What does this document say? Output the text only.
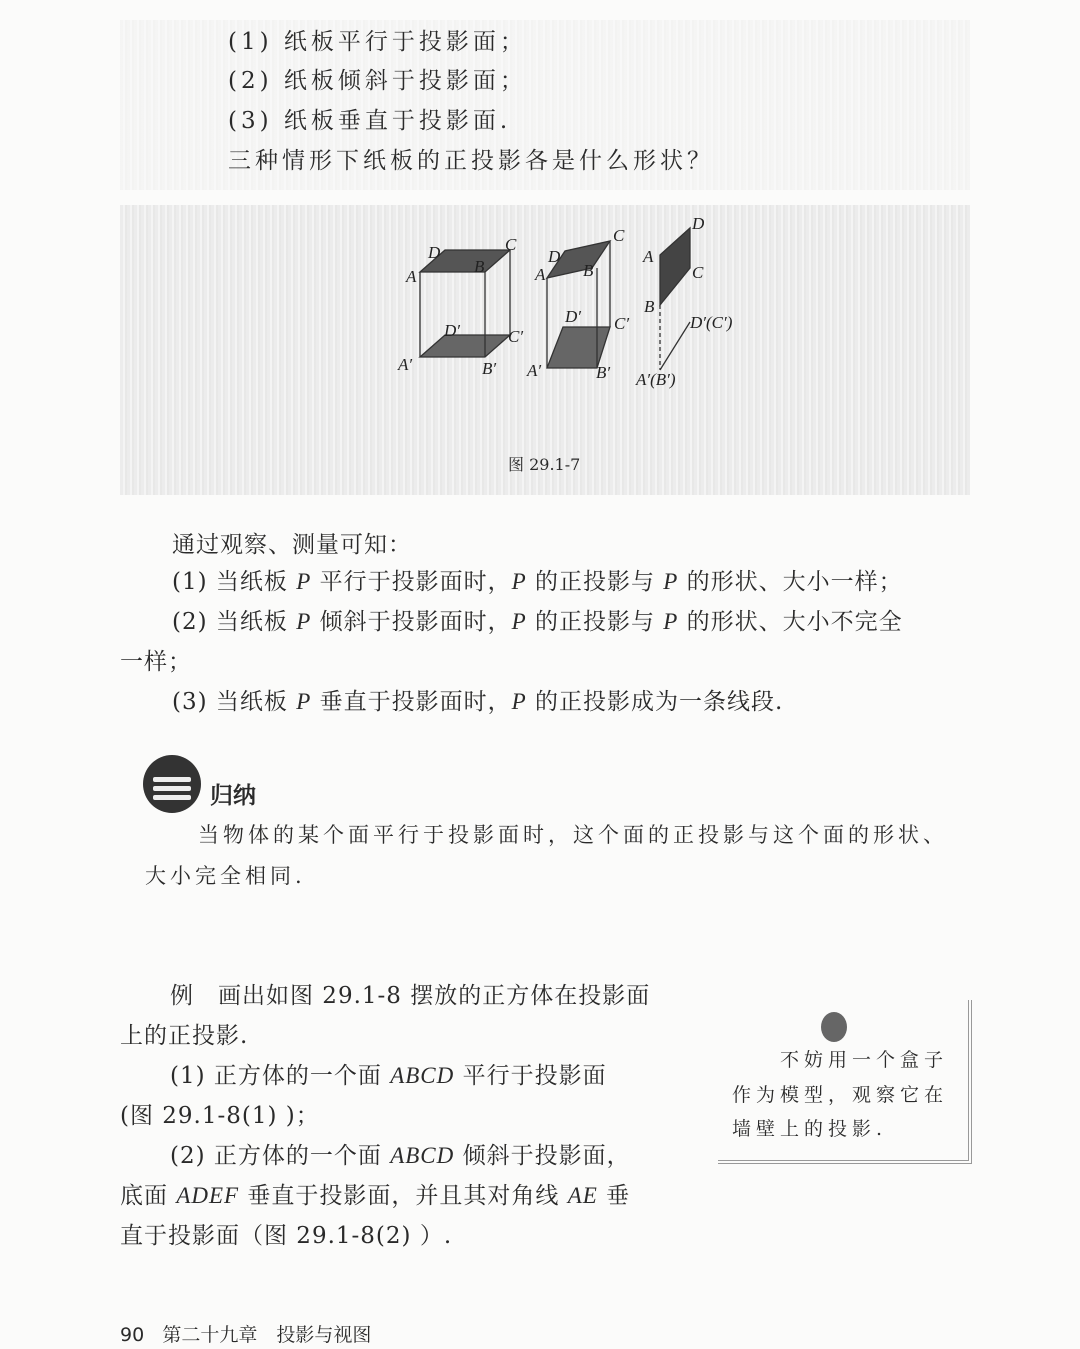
(1) 纸板平行于投影面；
(2) 纸板倾斜于投影面；
(3) 纸板垂直于投影面.
三种情形下纸板的正投影各是什么形状？
D	C
A
B
D′	C′
A′	B′
D
C
A B
D′ C′
A′	B′
D
C
A
B
D′(C′)
A′(B′)
图 29.1-7
通过观察、测量可知：
(1) 当纸板 P 平行于投影面时，P 的正投影与 P 的形状、大小一样；
(2) 当纸板 P 倾斜于投影面时，P 的正投影与 P 的形状、大小不完全
一样；
(3) 当纸板 P 垂直于投影面时，P 的正投影成为一条线段.
归纳
当物体的某个面平行于投影面时，这个面的正投影与这个面的形状、
大小完全相同.
例　画出如图 29.1-8 摆放的正方体在投影面
上的正投影.
(1) 正方体的一个面 ABCD 平行于投影面
(图 29.1-8(1) )；
(2) 正方体的一个面 ABCD 倾斜于投影面，
底面 ADEF 垂直于投影面，并且其对角线 AE 垂
直于投影面（图 29.1-8(2) ）.
不妨用一个盒子
作为模型，观察它在
墙壁上的投影.
90 第二十九章　投影与视图
